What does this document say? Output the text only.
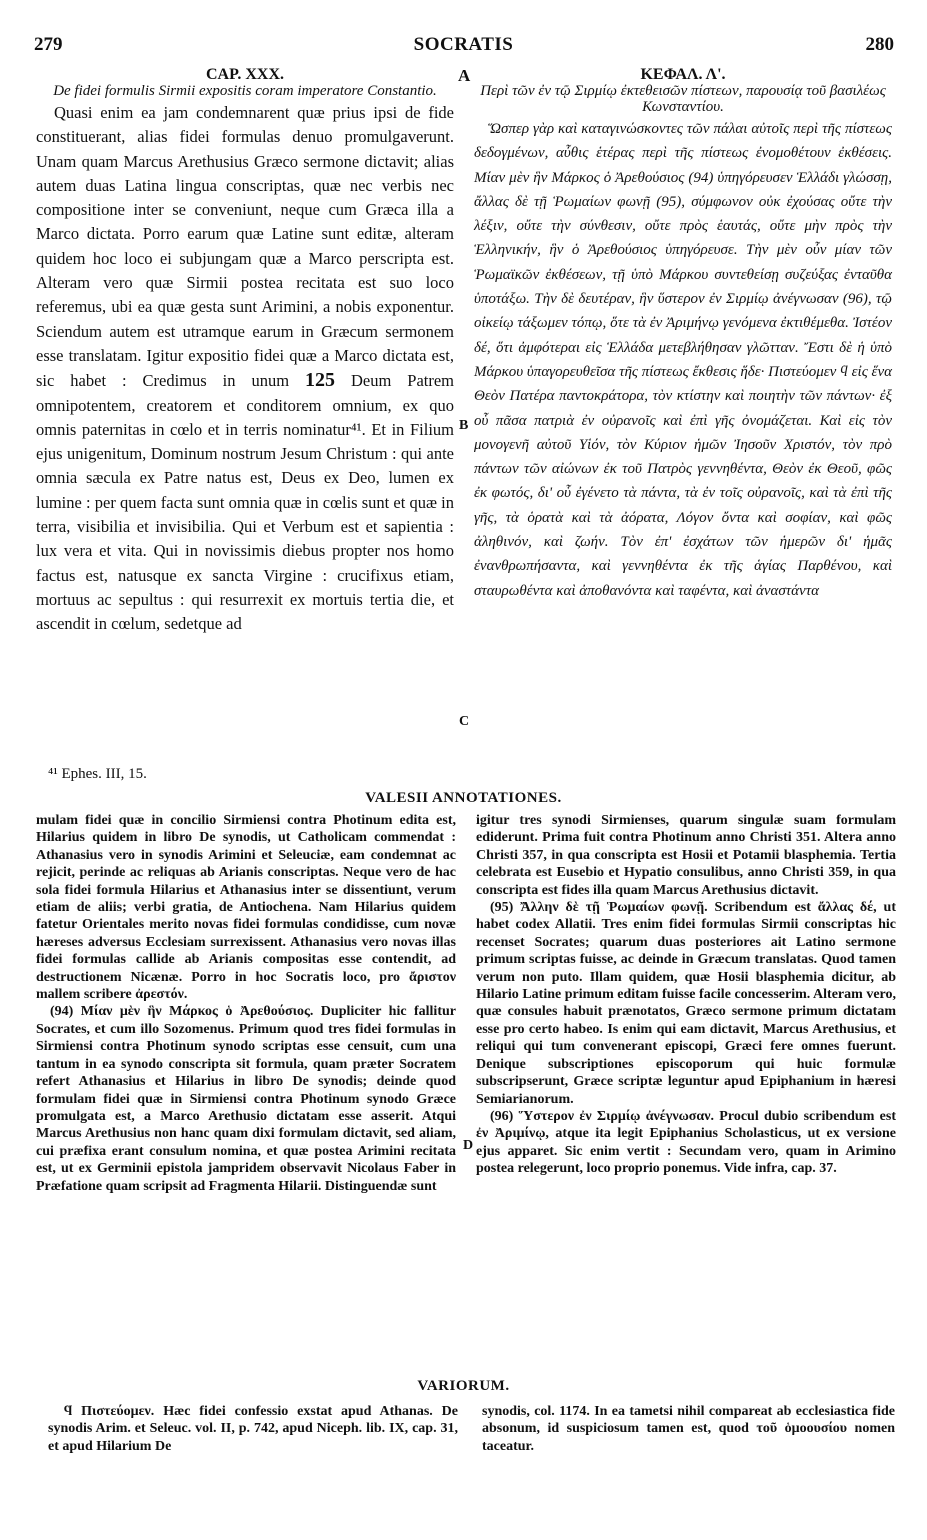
279	SOCRATIS	280
A
B
C
D
CAP. XXX.
De fidei formulis Sirmii expositis coram imperatore Constantio.
Quasi enim ea jam condemnarent quæ prius ipsi de fide constituerant, alias fidei formulas denuo promulgaverunt. Unam quam Marcus Arethusius Græco sermone dictavit; alias autem duas Latina lingua conscriptas, quæ nec verbis nec compositione inter se conveniunt, neque cum Græca illa a Marco dictata. Porro earum quæ Latine sunt editæ, alteram quidem hoc loco ei subjungam quæ a Marco perscripta est. Alteram vero quæ Sirmii postea recitata est suo loco referemus, ubi ea quæ gesta sunt Arimini, a nobis exponentur. Sciendum autem est utramque earum in Græcum sermonem esse translatam. Igitur expositio fidei quæ a Marco dictata est, sic habet : Credimus in unum 125 Deum Patrem omnipotentem, creatorem et conditorem omnium, ex quo omnis paternitas in cœlo et in terris nominatur⁴¹. Et in Filium ejus unigenitum, Dominum nostrum Jesum Christum : qui ante omnia sæcula ex Patre natus est, Deus ex Deo, lumen ex lumine : per quem facta sunt omnia quæ in cœlis sunt et quæ in terra, visibilia et invisibilia. Qui et Verbum est et sapientia : lux vera et vita. Qui in novissimis diebus propter nos homo factus est, natusque ex sancta Virgine : crucifixus etiam, mortuus ac sepultus : qui resurrexit ex mortuis tertia die, et ascendit in cœlum, sedetque ad
ΚΕΦΑΛ. Λ'.
Περὶ τῶν ἐν τῷ Σιρμίῳ ἐκτεθεισῶν πίστεων, παρουσίᾳ τοῦ βασιλέως Κωνσταντίου.
Ὥσπερ γὰρ καὶ καταγινώσκοντες τῶν πάλαι αὐτοῖς περὶ τῆς πίστεως δεδογμένων, αὖθις ἑτέρας περὶ τῆς πίστεως ἐνομοθέτουν ἐκθέσεις. Μίαν μὲν ἣν Μάρκος ὁ Ἀρεθούσιος (94) ὑπηγόρευσεν Ἑλλάδι γλώσσῃ, ἄλλας δὲ τῇ Ῥωμαίων φωνῇ (95), σύμφωνον οὐκ ἐχούσας οὔτε τὴν λέξιν, οὔτε τὴν σύνθεσιν, οὔτε πρὸς ἑαυτάς, οὔτε μὴν πρὸς τὴν Ἑλληνικήν, ἣν ὁ Ἀρεθούσιος ὑπηγόρευσε. Τὴν μὲν οὖν μίαν τῶν Ῥωμαϊκῶν ἐκθέσεων, τῇ ὑπὸ Μάρκου συντεθείσῃ συζεύξας ἐνταῦθα ὑποτάξω. Τὴν δὲ δευτέραν, ἣν ὕστερον ἐν Σιρμίῳ ἀνέγνωσαν (96), τῷ οἰκείῳ τάξωμεν τόπῳ, ὅτε τὰ ἐν Ἀριμήνῳ γενόμενα ἐκτιθέμεθα. Ἰστέον δέ, ὅτι ἀμφότεραι εἰς Ἑλλάδα μετεβλήθησαν γλῶτταν. Ἔστι δὲ ἡ ὑπὸ Μάρκου ὑπαγορευθεῖσα τῆς πίστεως ἔκθεσις ἥδε· Πιστεύομεν ϥ εἰς ἕνα Θεὸν Πατέρα παντοκράτορα, τὸν κτίστην καὶ ποιητὴν τῶν πάντων· ἐξ οὗ πᾶσα πατριὰ ἐν οὐρανοῖς καὶ ἐπὶ γῆς ὀνομάζεται. Καὶ εἰς τὸν μονογενῆ αὐτοῦ Υἱόν, τὸν Κύριον ἡμῶν Ἰησοῦν Χριστόν, τὸν πρὸ πάντων τῶν αἰώνων ἐκ τοῦ Πατρὸς γεννηθέντα, Θεὸν ἐκ Θεοῦ, φῶς ἐκ φωτός, δι' οὗ ἐγένετο τὰ πάντα, τὰ ἐν τοῖς οὐρανοῖς, καὶ τὰ ἐπὶ τῆς γῆς, τὰ ὁρατὰ καὶ τὰ ἀόρατα, Λόγον ὄντα καὶ σοφίαν, καὶ φῶς ἀληθινόν, καὶ ζωήν. Τὸν ἐπ' ἐσχάτων τῶν ἡμερῶν δι' ἡμᾶς ἐνανθρωπήσαντα, καὶ γεννηθέντα ἐκ τῆς ἁγίας Παρθένου, καὶ σταυρωθέντα καὶ ἀποθανόντα καὶ ταφέντα, καὶ ἀναστάντα
⁴¹ Ephes. III, 15.
VALESII ANNOTATIONES.

mulam fidei quæ in concilio Sirmiensi contra Photinum edita est, Hilarius quidem in libro De synodis, ut Catholicam commendat : Athanasius vero in synodis Arimini et Seleuciæ, eam condemnat ac rejicit, perinde ac reliquas ab Arianis conscriptas. Neque vero de hac sola fidei formula Hilarius et Athanasius inter se dissentiunt, verum etiam de aliis; verbi gratia, de Antiochena. Nam Hilarius quidem fatetur Orientales merito novas fidei formulas condidisse, cum novæ hæreses adversus Ecclesiam surrexissent. Athanasius vero novas illas fidei formulas callide ab Arianis compositas esse contendit, ad destructionem Nicænæ. Porro in hoc Socratis loco, pro ἄριστον mallem scribere ἀρεστόν.

(94) Μίαν μὲν ἣν Μάρκος ὁ Ἀρεθούσιος. Dupliciter hic fallitur Socrates, et cum illo Sozomenus. Primum quod tres fidei formulas in Sirmiensi contra Photinum synodo scriptas esse censuit, cum una tantum in ea synodo conscripta sit formula, quam præter Socratem refert Athanasius et Hilarius in libro De synodis; deinde quod formulam fidei quæ in Sirmiensi contra Photinum synodo Græce promulgata est, a Marco Arethusio dictatam esse asserit. Atqui Marcus Arethusius non hanc quam dixi formulam dictavit, sed aliam, cui præfixa erant consulum nomina, et quæ postea Arimini recitata est, ut ex Germinii epistola jampridem observavit Nicolaus Faber in Præfatione quam scripsit ad Fragmenta Hilarii. Distinguendæ sunt

igitur tres synodi Sirmienses, quarum singulæ suam formulam ediderunt. Prima fuit contra Photinum anno Christi 351. Altera anno Christi 357, in qua conscripta est Hosii et Potamii blasphemia. Tertia celebrata est Eusebio et Hypatio consulibus, anno Christi 359, in qua conscripta est fides illa quam Marcus Arethusius dictavit.

(95) Ἄλλην δὲ τῇ Ῥωμαίων φωνῇ. Scribendum est ἄλλας δέ, ut habet codex Allatii. Tres enim fidei formulas Sirmii conscriptas hic recenset Socrates; quarum duas posteriores ait Latino sermone primum scriptas fuisse, ac deinde in Græcum translatas. Quod tamen verum non puto. Illam quidem, quæ Hosii blasphemia dicitur, ab Hilario Latine primum editam fuisse facile concesserim. Alteram vero, quæ consules habuit prænotatos, Græco sermone primum dictatam esse pro certo habeo. Is enim qui eam dictavit, Marcus Arethusius, et reliqui qui tum convenerant episcopi, Græci fere omnes fuerunt. Denique subscriptiones episcoporum qui huic formulæ subscripserunt, Græce scriptæ leguntur apud Epiphanium in hæresi Semiarianorum.

(96) Ὕστερον ἐν Σιρμίῳ ἀνέγνωσαν. Procul dubio scribendum est ἐν Ἀριμίνῳ, atque ita legit Epiphanius Scholasticus, ut ex versione ejus apparet. Sic enim vertit : Secundam vero, quam in Arimino postea relegerunt, loco proprio ponemus. Vide infra, cap. 37.

VARIORUM.
ϥ Πιστεύομεν. Hæc fidei confessio exstat apud Athanas. De synodis Arim. et Seleuc. vol. II, p. 742, apud Niceph. lib. IX, cap. 31, et apud Hilarium De
synodis, col. 1174. In ea tametsi nihil compareat ab ecclesiastica fide absonum, id suspiciosum tamen est, quod τοῦ ὁμοουσίου nomen taceatur.
